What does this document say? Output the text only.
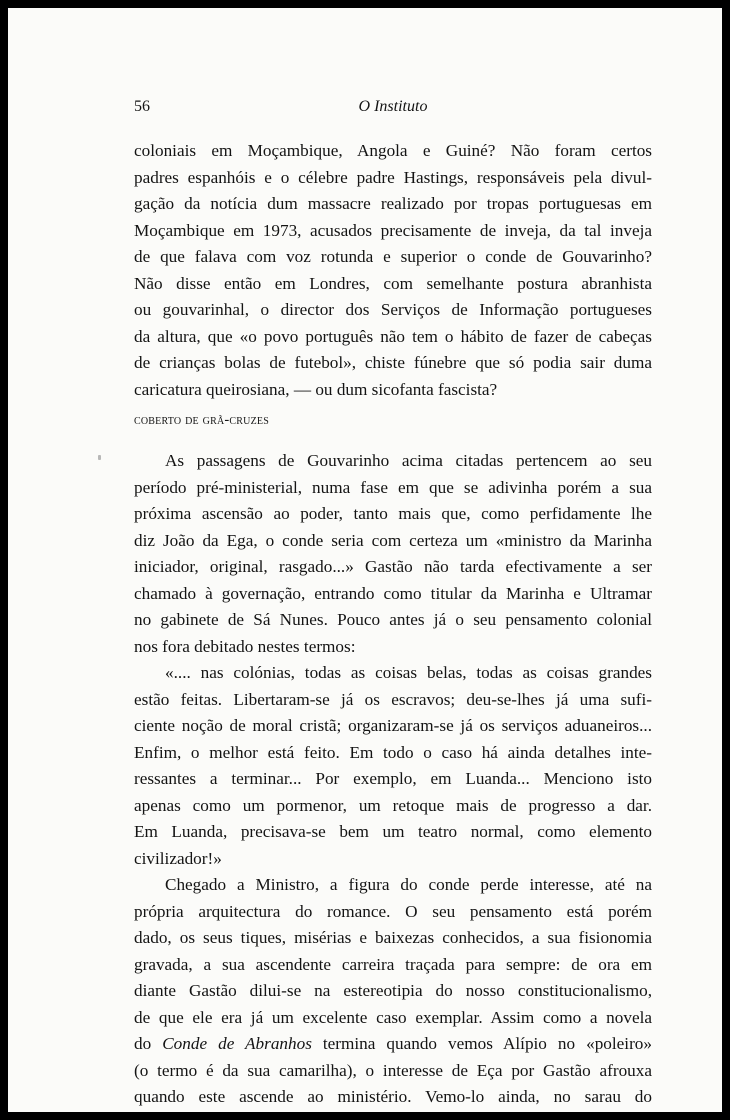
56	O Instituto
coloniais em Moçambique, Angola e Guiné? Não foram certos
padres espanhóis e o célebre padre Hastings, responsáveis pela divul-
gação da notícia dum massacre realizado por tropas portuguesas em
Moçambique em 1973, acusados precisamente de inveja, da tal inveja
de que falava com voz rotunda e superior o conde de Gouvarinho?
Não disse então em Londres, com semelhante postura abranhista
ou gouvarinhal, o director dos Serviços de Informação portugueses
da altura, que «o povo português não tem o hábito de fazer de cabeças
de crianças bolas de futebol», chiste fúnebre que só podia sair duma
caricatura queirosiana, — ou dum sicofanta fascista?
coberto de grã-cruzes
As passagens de Gouvarinho acima citadas pertencem ao seu
período pré-ministerial, numa fase em que se adivinha porém a sua
próxima ascensão ao poder, tanto mais que, como perfidamente lhe
diz João da Ega, o conde seria com certeza um «ministro da Marinha
iniciador, original, rasgado...» Gastão não tarda efectivamente a ser
chamado à governação, entrando como titular da Marinha e Ultramar
no gabinete de Sá Nunes. Pouco antes já o seu pensamento colonial
nos fora debitado nestes termos:
«.... nas colónias, todas as coisas belas, todas as coisas grandes
estão feitas. Libertaram-se já os escravos; deu-se-lhes já uma sufi-
ciente noção de moral cristã; organizaram-se já os serviços aduaneiros...
Enfim, o melhor está feito. Em todo o caso há ainda detalhes inte-
ressantes a terminar... Por exemplo, em Luanda... Menciono isto
apenas como um pormenor, um retoque mais de progresso a dar.
Em Luanda, precisava-se bem um teatro normal, como elemento
civilizador!»
Chegado a Ministro, a figura do conde perde interesse, até na
própria arquitectura do romance. O seu pensamento está porém
dado, os seus tiques, misérias e baixezas conhecidos, a sua fisionomia
gravada, a sua ascendente carreira traçada para sempre: de ora em
diante Gastão dilui-se na estereotipia do nosso constitucionalismo,
de que ele era já um excelente caso exemplar. Assim como a novela
do Conde de Abranhos termina quando vemos Alípio no «poleiro»
(o termo é da sua camarilha), o interesse de Eça por Gastão afrouxa
quando este ascende ao ministério. Vemo-lo ainda, no sarau do
